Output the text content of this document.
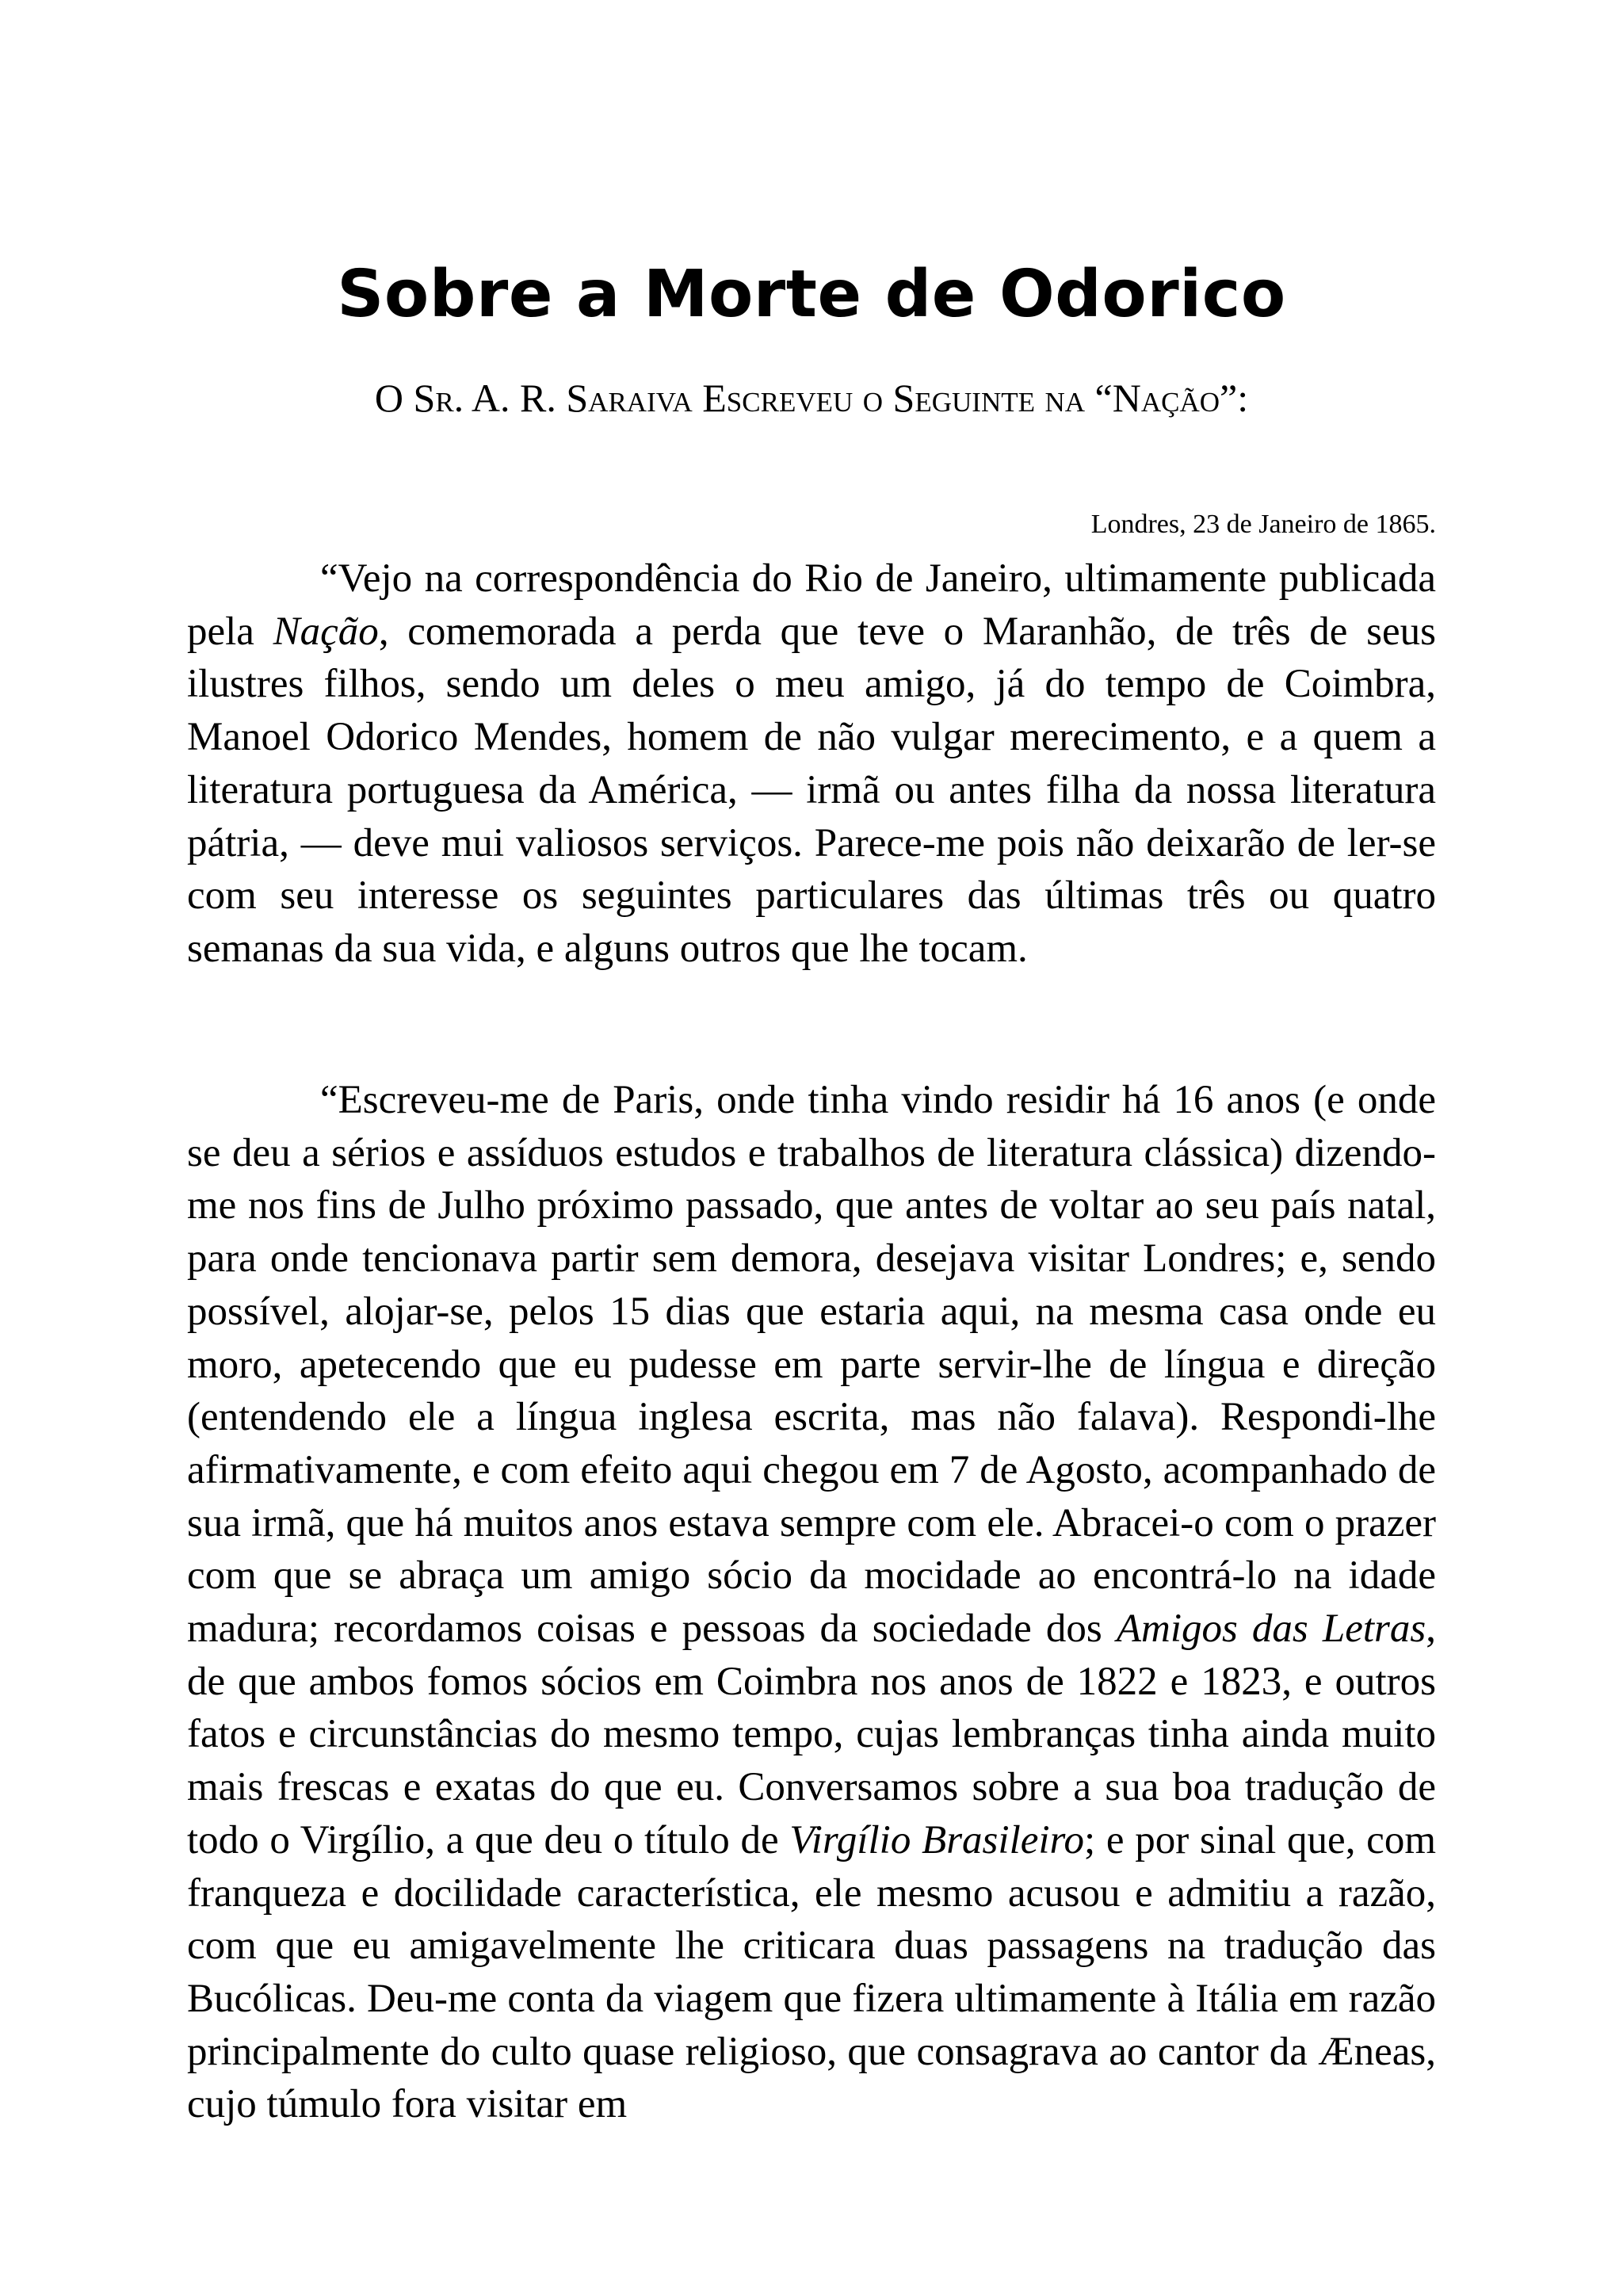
Sobre a Morte de Odorico
O Sr. A. R. Saraiva Escreveu o Seguinte na “Nação”:
Londres, 23 de Janeiro de 1865.

“Vejo na correspondência do Rio de Janeiro, ultimamente publicada pela Nação, comemorada a perda que teve o Maranhão, de três de seus ilustres filhos, sendo um deles o meu amigo, já do tempo de Coimbra, Manoel Odorico Mendes, homem de não vulgar merecimento, e a quem a literatura portuguesa da América, — irmã ou antes filha da nossa literatura pátria, — deve mui valiosos serviços. Parece-me pois não deixarão de ler-se com seu interesse os seguintes particulares das últimas três ou quatro semanas da sua vida, e alguns outros que lhe tocam.

“Escreveu-me de Paris, onde tinha vindo residir há 16 anos (e onde se deu a sérios e assíduos estudos e trabalhos de literatura clássica) dizendo-me nos fins de Julho próximo passado, que antes de voltar ao seu país natal, para onde tencionava partir sem demora, desejava visitar Londres; e, sendo possível, alojar-se, pelos 15 dias que estaria aqui, na mesma casa onde eu moro, apetecendo que eu pudesse em parte servir-lhe de língua e direção (entendendo ele a língua inglesa escrita, mas não falava). Respondi-lhe afirmativamente, e com efeito aqui chegou em 7 de Agosto, acompanhado de sua irmã, que há muitos anos estava sempre com ele. Abracei-o com o prazer com que se abraça um amigo sócio da mocidade ao encontrá-lo na idade madura; recordamos coisas e pessoas da sociedade dos Amigos das Letras, de que ambos fomos sócios em Coimbra nos anos de 1822 e 1823, e outros fatos e circunstâncias do mesmo tempo, cujas lembranças tinha ainda muito mais frescas e exatas do que eu. Conversamos sobre a sua boa tradução de todo o Virgílio, a que deu o título de Virgílio Brasileiro; e por sinal que, com franqueza e docilidade característica, ele mesmo acusou e admitiu a razão, com que eu amigavelmente lhe criticara duas passagens na tradução das Bucólicas. Deu-me conta da viagem que fizera ultimamente à Itália em razão principalmente do culto quase religioso, que consagrava ao cantor da Æneas, cujo túmulo fora visitar em
